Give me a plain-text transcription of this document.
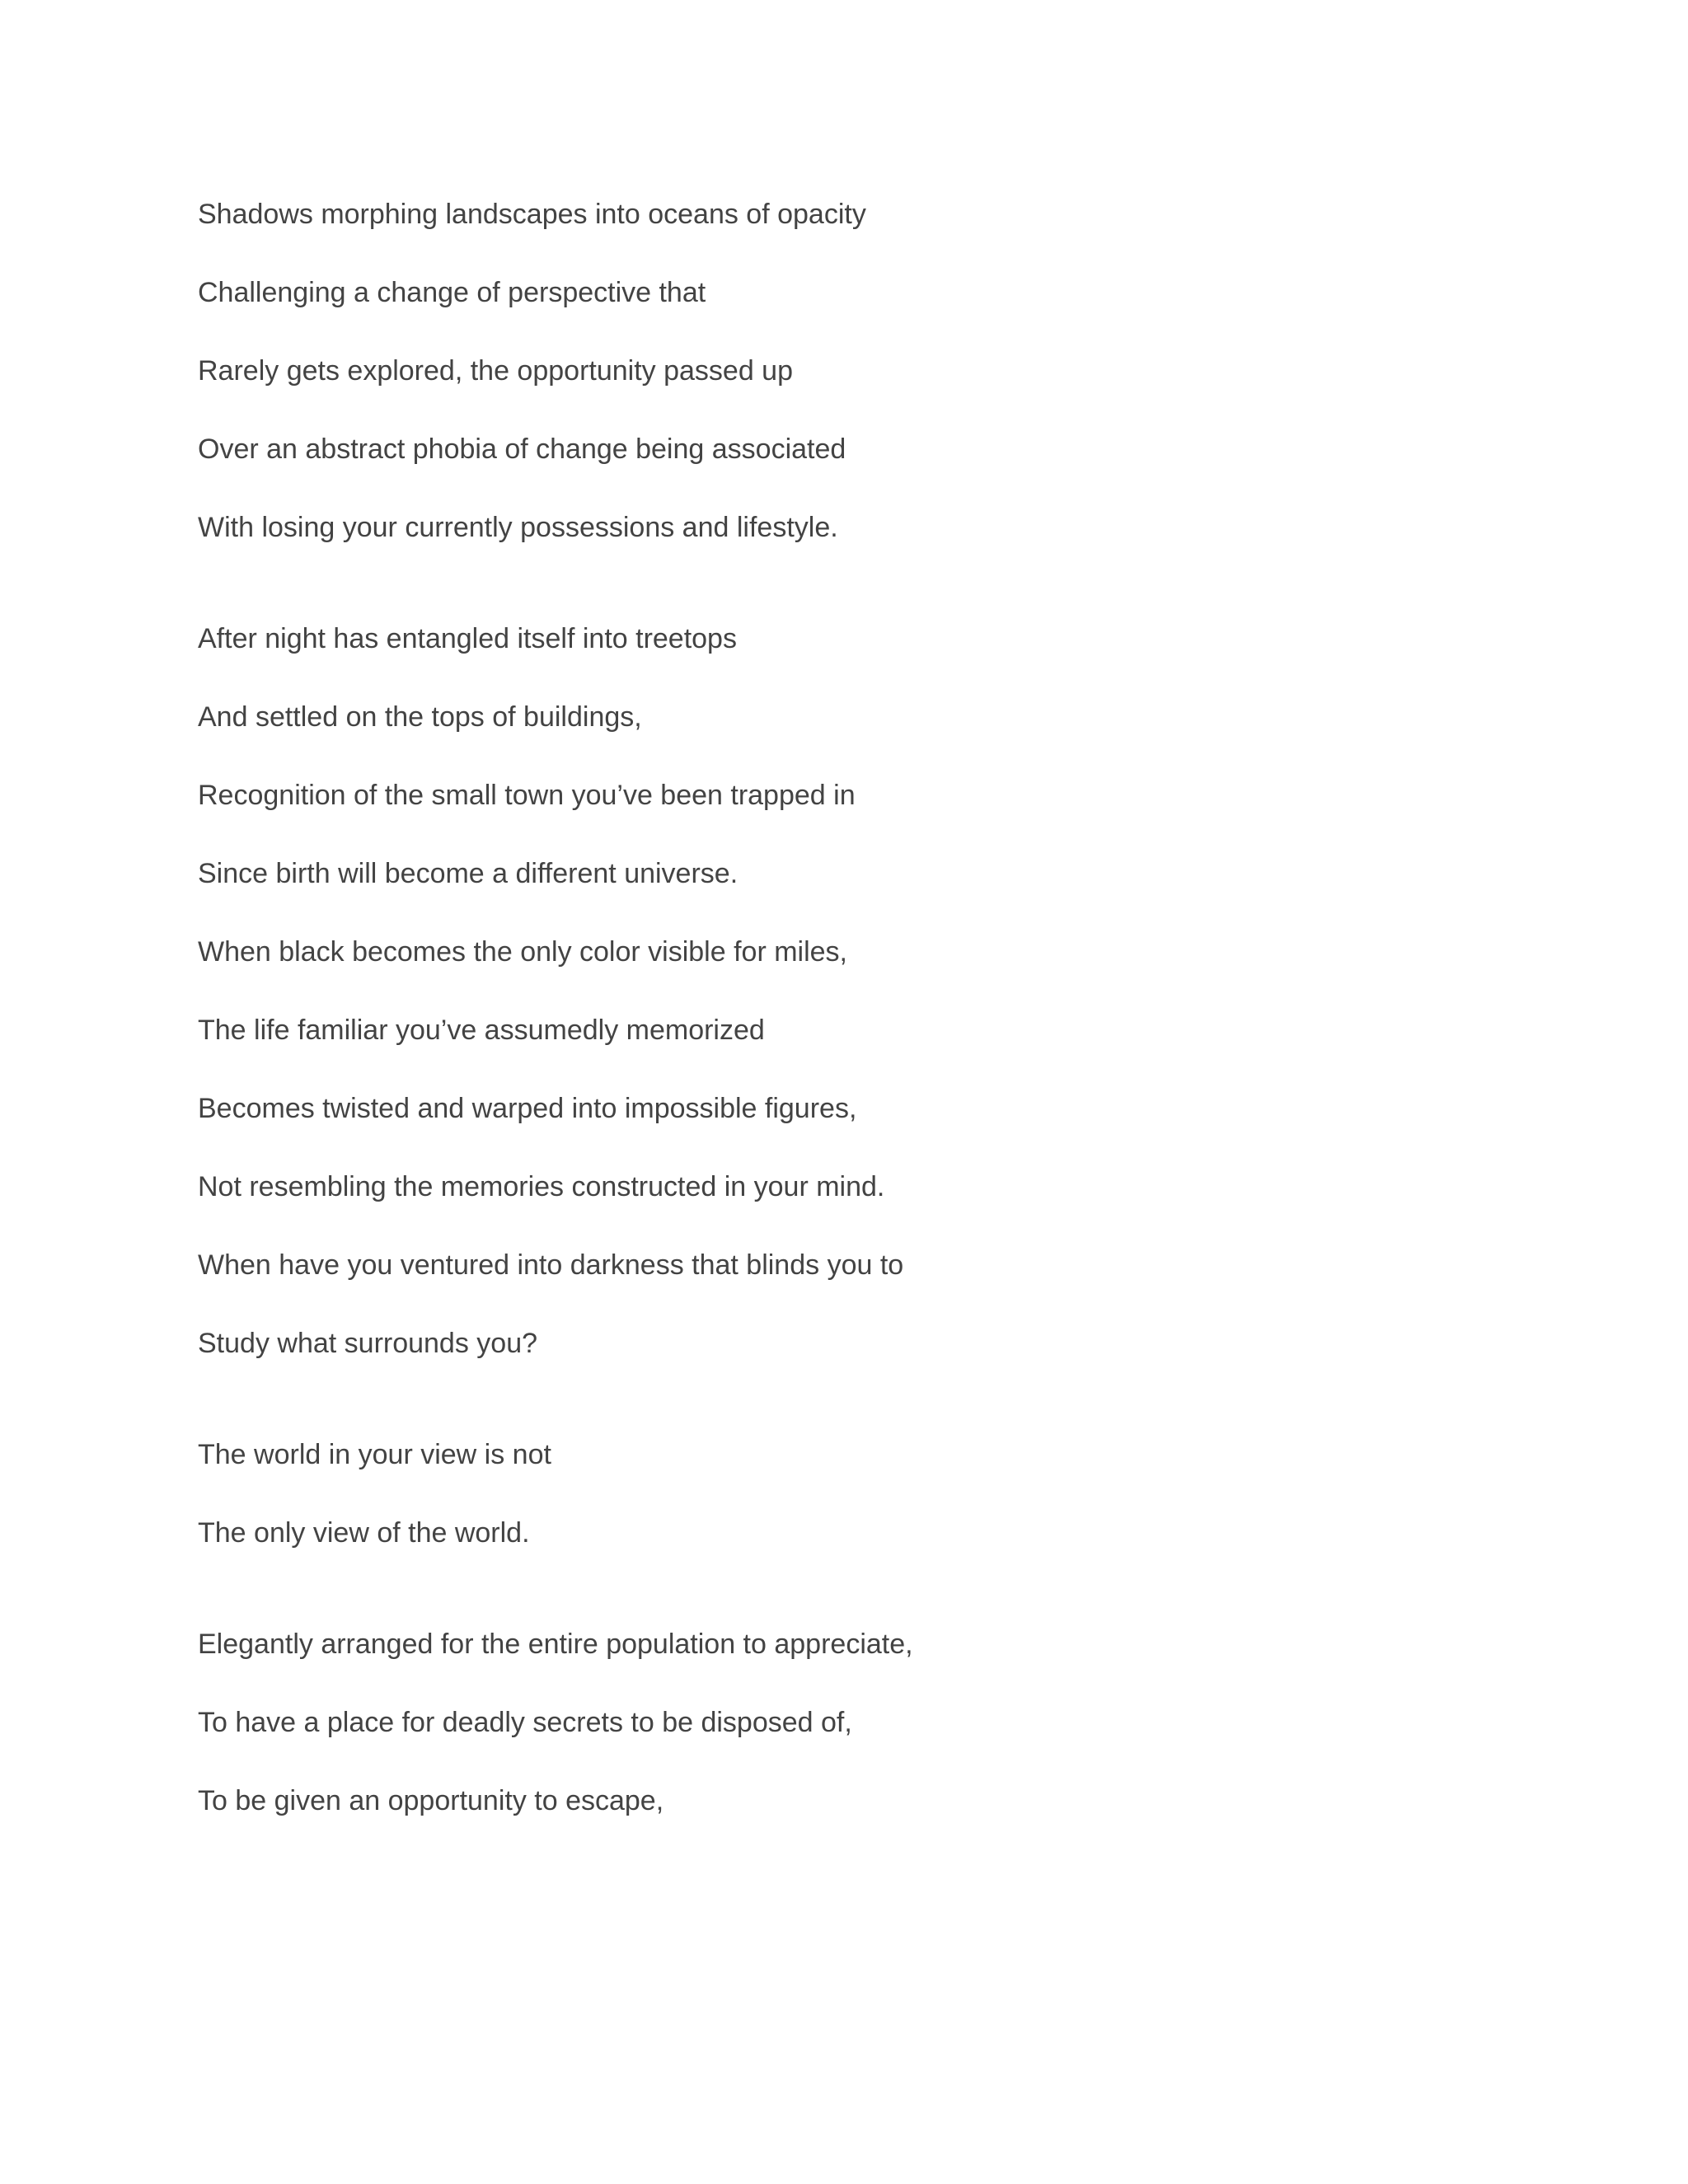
Shadows morphing landscapes into oceans of opacity

Challenging a change of perspective that

Rarely gets explored, the opportunity passed up

Over an abstract phobia of change being associated

With losing your currently possessions and lifestyle.

After night has entangled itself into treetops

And settled on the tops of buildings,

Recognition of the small town you’ve been trapped in

Since birth will become a different universe.

When black becomes the only color visible for miles,

The life familiar you’ve assumedly memorized

Becomes twisted and warped into impossible figures,

Not resembling the memories constructed in your mind.

When have you ventured into darkness that blinds you to

Study what surrounds you?

The world in your view is not

The only view of the world.

Elegantly arranged for the entire population to appreciate,

To have a place for deadly secrets to be disposed of,

To be given an opportunity to escape,
